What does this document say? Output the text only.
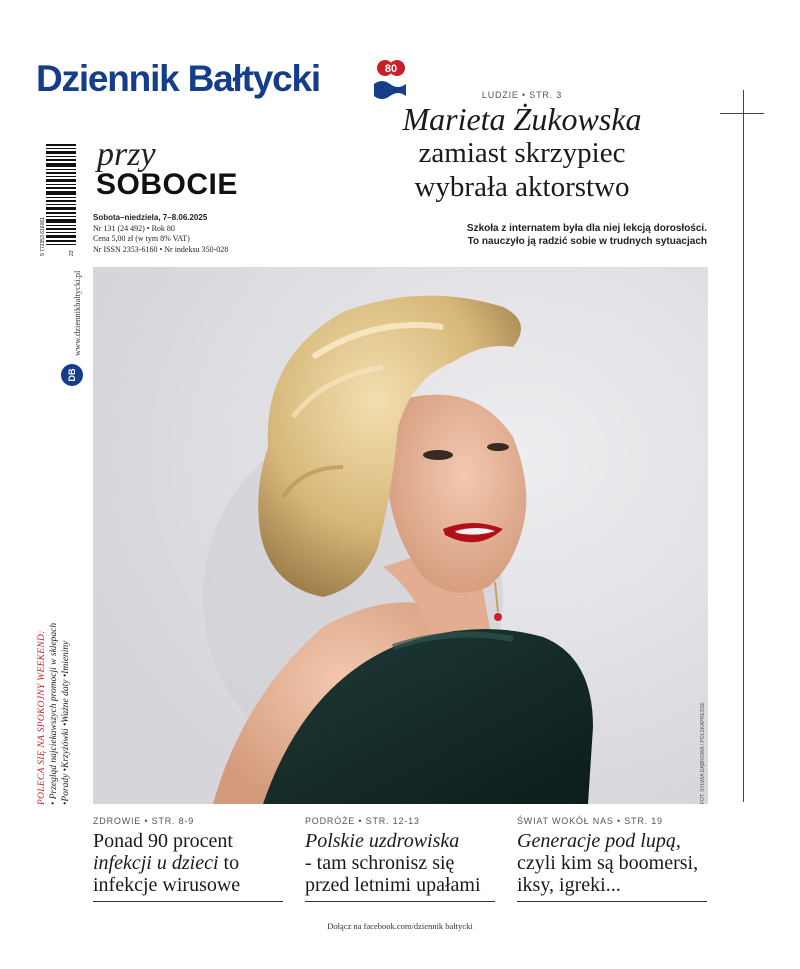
Dziennik Bałtycki	80
przy
SOBOCIE
Sobota–niedziela, 7–8.06.2025
Nr 131 (24 492) • Rok 80
Cena 5,00 zł (w tym 8% VAT)
Nr ISSN 2353-6160 • Nr indeksu 350-028
LUDZIE • STR. 3
Marieta Żukowska
zamiast skrzypiec
wybrała aktorstwo
Szkoła z internatem była dla niej lekcją dorosłości.
To nauczyło ją radzić sobie w trudnych sytuacjach
9 772353 616061	23
www.dziennikbaltycki.pl
DB
POLECA SIĘ NA SPOKOJNY WEEKEND: • Przegląd najciekawszych promocji w sklepach •Porady •Krzyżówki •Ważne daty •Imieniny	FOT. SYLWIA DĄBROWA / POLSKAPRESSE
ZDROWIE • STR. 8-9
Ponad 90 procent
infekcji u dzieci to
infekcje wirusowe
PODRÓŻE • STR. 12-13
Polskie uzdrowiska
- tam schronisz się
przed letnimi upałami
ŚWIAT WOKÓŁ NAS • STR. 19
Generacje pod lupą,
czyli kim są boomersi,
iksy, igreki...
Dołącz na facebook.com/dziennik bałtycki
